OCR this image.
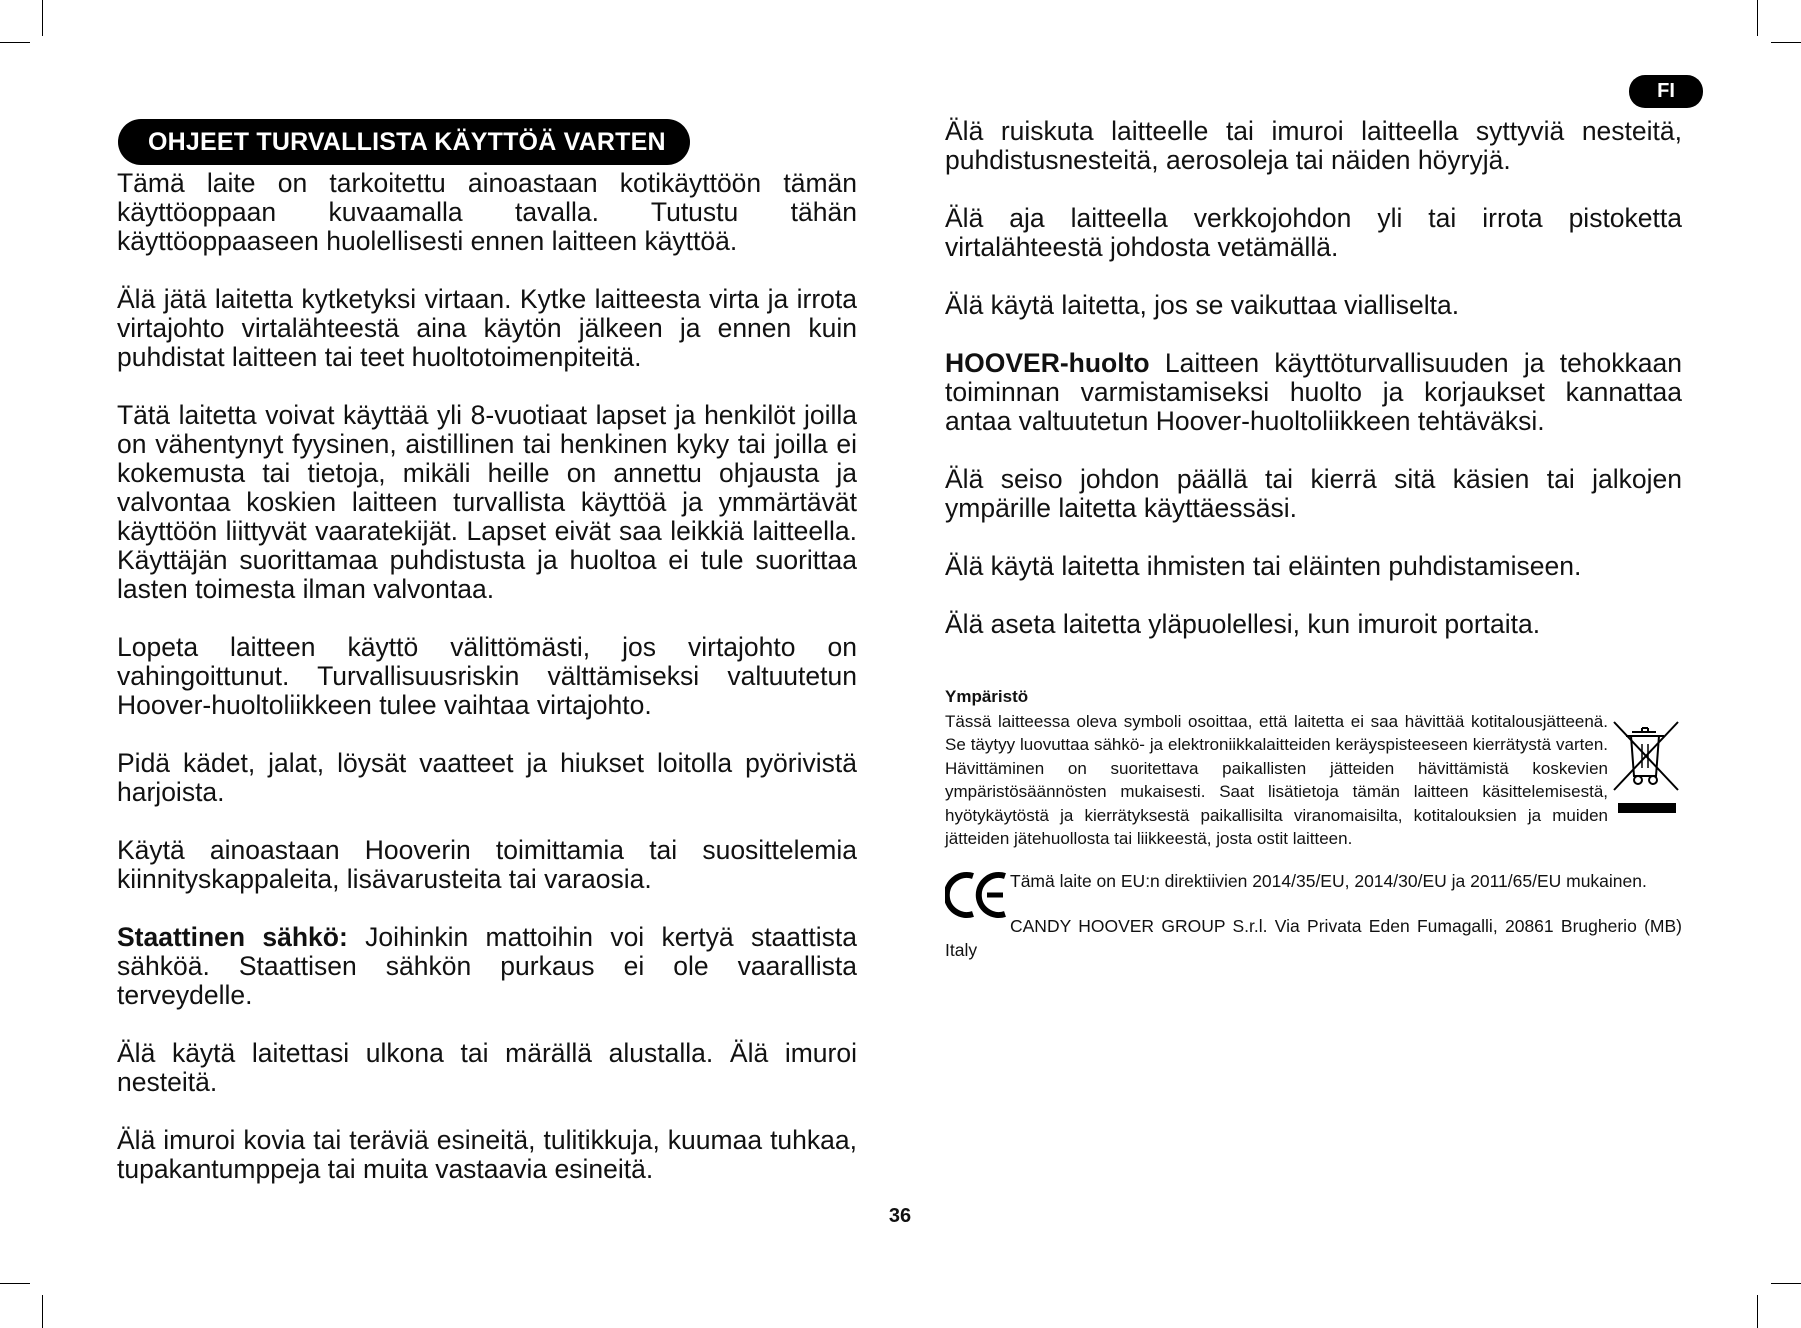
FI
OHJEET TURVALLISTA KÄYTTÖÄ VARTEN
Tämä laite on tarkoitettu ainoastaan kotikäyttöön tämän käyttöoppaan kuvaamalla tavalla. Tutustu tähän käyttöoppaaseen huolellisesti ennen laitteen käyttöä.
Älä jätä laitetta kytketyksi virtaan. Kytke laitteesta virta ja irrota virtajohto virtalähteestä aina käytön jälkeen ja ennen kuin puhdistat laitteen tai teet huoltotoimenpiteitä.
Tätä laitetta voivat käyttää yli 8-vuotiaat lapset ja henkilöt joilla on vähentynyt fyysinen, aistillinen tai henkinen kyky tai joilla ei kokemusta tai tietoja, mikäli heille on annettu ohjausta ja valvontaa koskien laitteen turvallista käyttöä ja ymmärtävät käyttöön liittyvät vaaratekijät. Lapset eivät saa leikkiä laitteella. Käyttäjän suorittamaa puhdistusta ja huoltoa ei tule suorittaa lasten toimesta ilman valvontaa.
Lopeta laitteen käyttö välittömästi, jos virtajohto on vahingoittunut. Turvallisuusriskin välttämiseksi valtuutetun Hoover-huoltoliikkeen tulee vaihtaa virtajohto.
Pidä kädet, jalat, löysät vaatteet ja hiukset loitolla pyörivistä harjoista.
Käytä ainoastaan Hooverin toimittamia tai suosittelemia kiinnityskappaleita, lisävarusteita tai varaosia.
Staattinen sähkö: Joihinkin mattoihin voi kertyä staattista sähköä. Staattisen sähkön purkaus ei ole vaarallista terveydelle.
Älä käytä laitettasi ulkona tai märällä alustalla. Älä imuroi nesteitä.
Älä imuroi kovia tai teräviä esineitä, tulitikkuja, kuumaa tuhkaa, tupakantumppeja tai muita vastaavia esineitä.
Älä ruiskuta laitteelle tai imuroi laitteella syttyviä nesteitä, puhdistusnesteitä, aerosoleja tai näiden höyryjä.
Älä aja laitteella verkkojohdon yli tai irrota pistoketta virtalähteestä johdosta vetämällä.
Älä käytä laitetta, jos se vaikuttaa vialliselta.
HOOVER-huolto Laitteen käyttöturvallisuuden ja tehokkaan toiminnan varmistamiseksi huolto ja korjaukset kannattaa antaa valtuutetun Hoover-huoltoliikkeen tehtäväksi.
Älä seiso johdon päällä tai kierrä sitä käsien tai jalkojen ympärille laitetta käyttäessäsi.
Älä käytä laitetta ihmisten tai eläinten puhdistamiseen.
Älä aseta laitetta yläpuolellesi, kun imuroit portaita.
Ympäristö
Tässä laitteessa oleva symboli osoittaa, että laitetta ei saa hävittää kotitalousjätteenä. Se täytyy luovuttaa sähkö- ja elektroniikkalaitteiden keräyspisteeseen kierrätystä varten. Hävittäminen on suoritettava paikallisten jätteiden hävittämistä koskevien ympäristösäännösten mukaisesti. Saat lisätietoja tämän laitteen käsittelemisestä, hyötykäytöstä ja kierrätyksestä paikallisilta viranomaisilta, kotitalouksien ja muiden jätteiden jätehuollosta tai liikkeestä, josta ostit laitteen.
Tämä laite on EU:n direktiivien 2014/35/EU, 2014/30/EU ja 2011/65/EU mukainen.
CANDY HOOVER GROUP S.r.l. Via Privata Eden Fumagalli, 20861 Brugherio (MB) Italy
36
